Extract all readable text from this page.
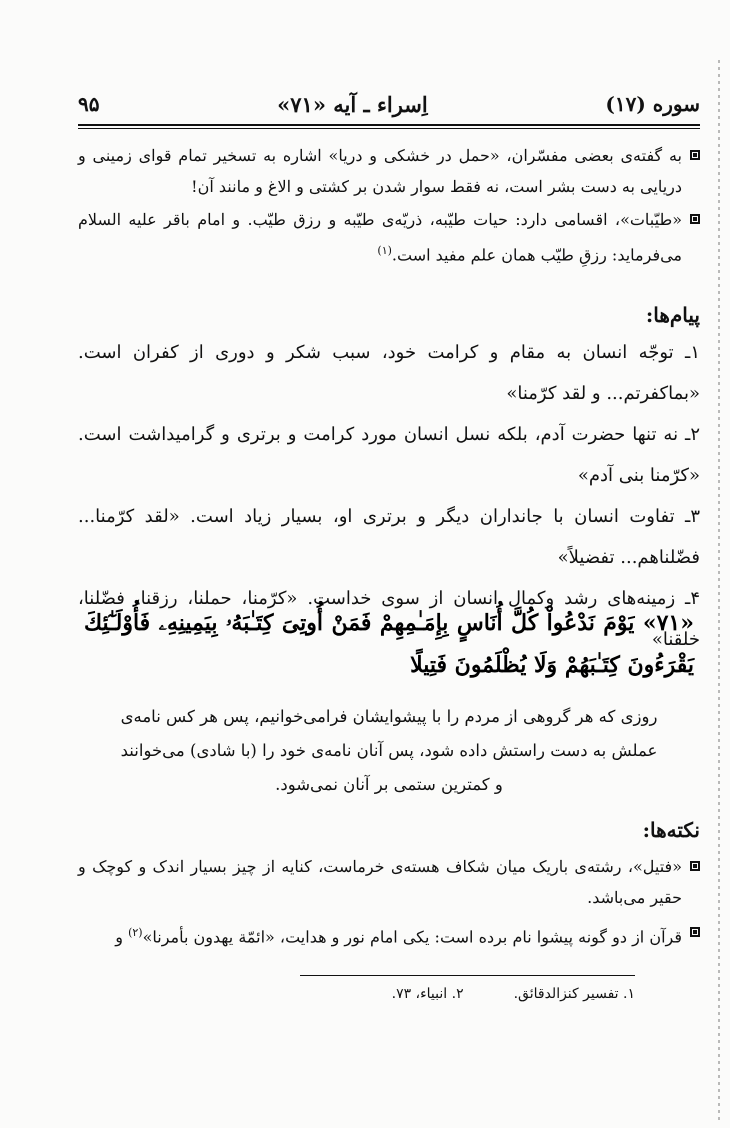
سوره (۱۷)
اِسراء ـ آیه «۷۱»
۹۵
به گفته‌ی بعضی مفسّران، «حمل در خشکی و دریا» اشاره به تسخیر تمام قوای زمینی و دریایی به دست بشر است، نه فقط سوار شدن بر کشتی و الاغ و مانند آن!
«طیّبات»، اقسامی دارد: حیات طیّبه، ذریّه‌ی طیّبه و رزق طیّب. و امام باقر علیه السلام می‌فرماید: رزقِ طیّب همان علم مفید است.$^{(۱)}$
پیام‌ها:
۱ـ توجّه انسان به مقام و کرامت خود، سبب شکر و دوری از کفران است. «بماکفرتم... و لقد کرّمنا»
۲ـ نه تنها حضرت آدم، بلکه نسل انسان مورد کرامت و برتری و گرامیداشت است. «کرّمنا بنی آدم»
۳ـ تفاوت انسان با جانداران دیگر و برتری او، بسیار زیاد است. «لقد کرّمنا... فضّلناهم... تفضیلاً»
۴ـ زمینه‌های رشد وکمال انسان از سوی خداست. «کرّمنا، حملنا، رزقنا، فضّلنا، خلقنا»
«۷۱» یَوْمَ نَدْعُواْ كُلَّ أُنَاسٍ بِإِمَـٰمِهِمْ فَمَنْ أُوتِیَ كِتَـٰبَهُۥ بِیَمِینِهِۦ فَأُوْلَـٰٓئِكَ یَقْرَءُونَ كِتَـٰبَهُمْ وَلَا یُظْلَمُونَ فَتِیلًا
روزی که هر گروهی از مردم را با پیشوایشان فرامی‌خوانیم، پس هر کس نامه‌ی عملش به دست راستش داده شود، پس آنان نامه‌ی خود را (با شادی) می‌خوانند و کمترین ستمی بر آنان نمی‌شود.
نکته‌ها:
«فتیل»، رشته‌ی باریک میان شکاف هسته‌ی خرماست، کنایه از چیز بسیار اندک و کوچک و حقیر می‌باشد.
قرآن از دو گونه پیشوا نام برده است: یکی امام نور و هدایت، «ائمّة یهدون بأمرنا»$^{(۲)}$ و
۱. تفسیر کنزالدقائق.
۲. انبیاء، ۷۳.
